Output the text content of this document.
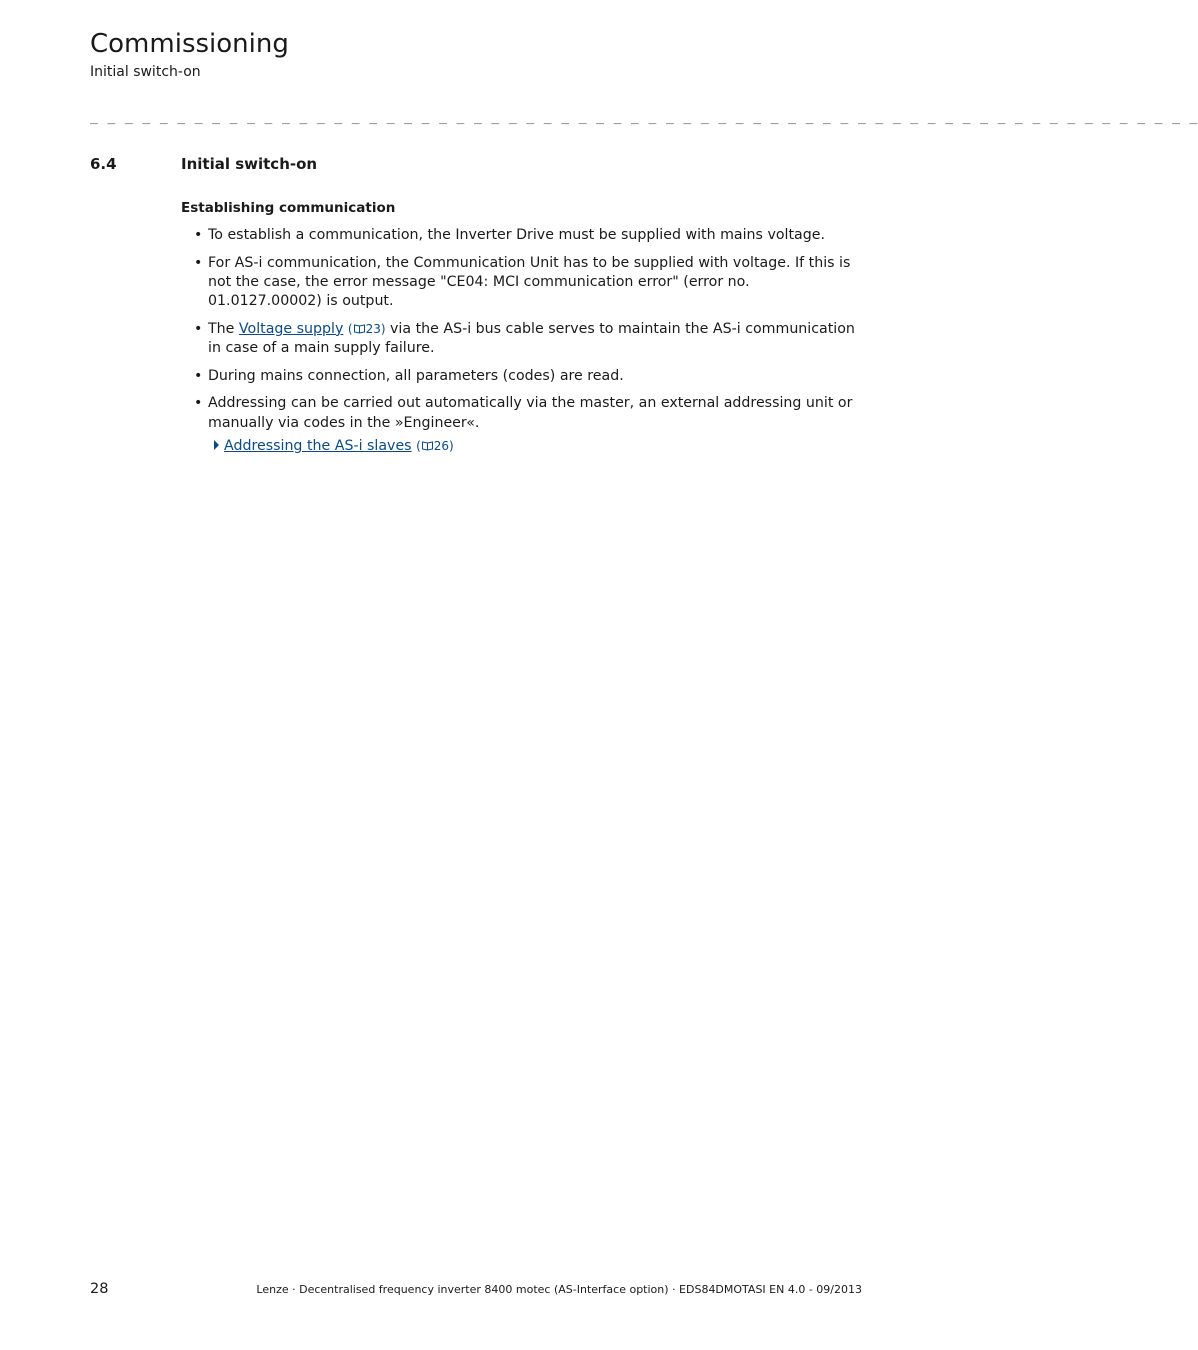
Commissioning
Initial switch-on
_ _ _ _ _ _ _ _ _ _ _ _ _ _ _ _ _ _ _ _ _ _ _ _ _ _ _ _ _ _ _ _ _ _ _ _ _ _ _ _ _ _ _ _ _ _ _ _ _ _ _ _ _ _ _ _ _ _ _ _ _ _ _ _
6.4	Initial switch-on
Establishing communication
• To establish a communication, the Inverter Drive must be supplied with mains voltage.
• For AS-i communication, the Communication Unit has to be supplied with voltage. If this is not the case, the error message "CE04: MCI communication error" (error no. 01.0127.00002) is output.
• The Voltage supply ( 23) via the AS-i bus cable serves to maintain the AS-i communication in case of a main supply failure.
• During mains connection, all parameters (codes) are read.
• Addressing can be carried out automatically via the master, an external addressing unit or manually via codes in the »Engineer«.
Addressing the AS-i slaves ( 26)
28	Lenze · Decentralised frequency inverter 8400 motec (AS-Interface option) · EDS84DMOTASI EN 4.0 - 09/2013
